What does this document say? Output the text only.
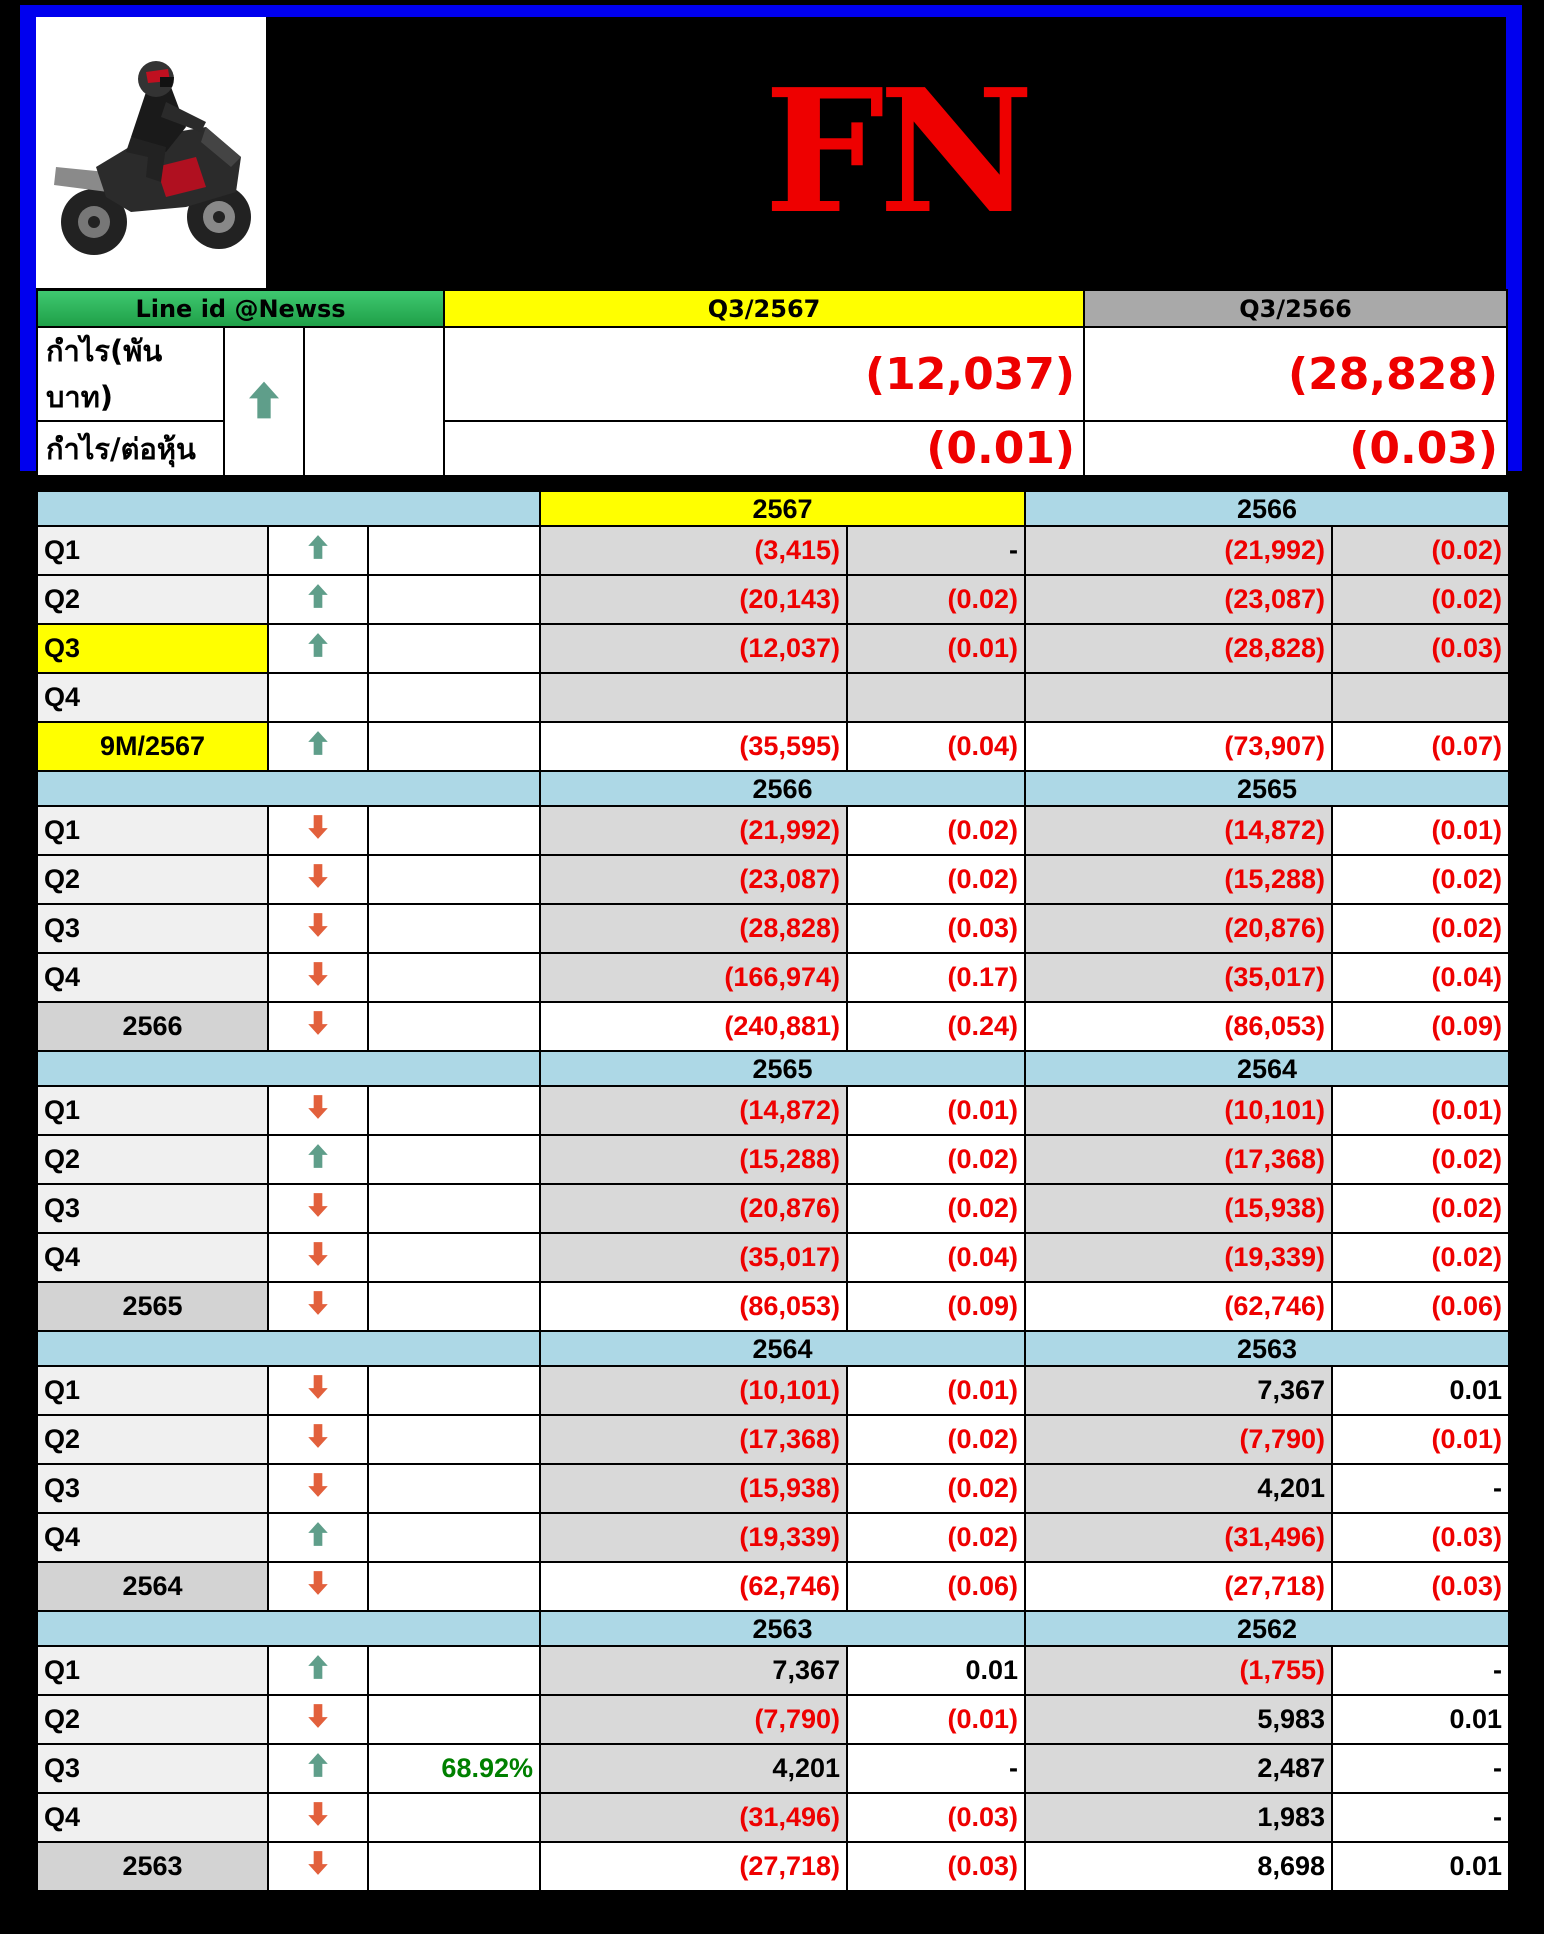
FN
Line id @Newss			Q3/2567	Q3/2566
กำไร(พันบาท)			(12,037)	(28,828)
กำไร/ต่อหุ้น			(0.01)	(0.03)
			2567		2566	
Q1			(3,415)	-	(21,992)	(0.02)
Q2			(20,143)	(0.02)	(23,087)	(0.02)
Q3			(12,037)	(0.01)	(28,828)	(0.03)
Q4						
9M/2567			(35,595)	(0.04)	(73,907)	(0.07)
			2566		2565	
Q1			(21,992)	(0.02)	(14,872)	(0.01)
Q2			(23,087)	(0.02)	(15,288)	(0.02)
Q3			(28,828)	(0.03)	(20,876)	(0.02)
Q4			(166,974)	(0.17)	(35,017)	(0.04)
2566			(240,881)	(0.24)	(86,053)	(0.09)
			2565		2564	
Q1			(14,872)	(0.01)	(10,101)	(0.01)
Q2			(15,288)	(0.02)	(17,368)	(0.02)
Q3			(20,876)	(0.02)	(15,938)	(0.02)
Q4			(35,017)	(0.04)	(19,339)	(0.02)
2565			(86,053)	(0.09)	(62,746)	(0.06)
			2564		2563	
Q1			(10,101)	(0.01)	7,367	0.01
Q2			(17,368)	(0.02)	(7,790)	(0.01)
Q3			(15,938)	(0.02)	4,201	-
Q4			(19,339)	(0.02)	(31,496)	(0.03)
2564			(62,746)	(0.06)	(27,718)	(0.03)
			2563		2562	
Q1			7,367	0.01	(1,755)	-
Q2			(7,790)	(0.01)	5,983	0.01
Q3		68.92%	4,201	-	2,487	-
Q4			(31,496)	(0.03)	1,983	-
2563			(27,718)	(0.03)	8,698	0.01
